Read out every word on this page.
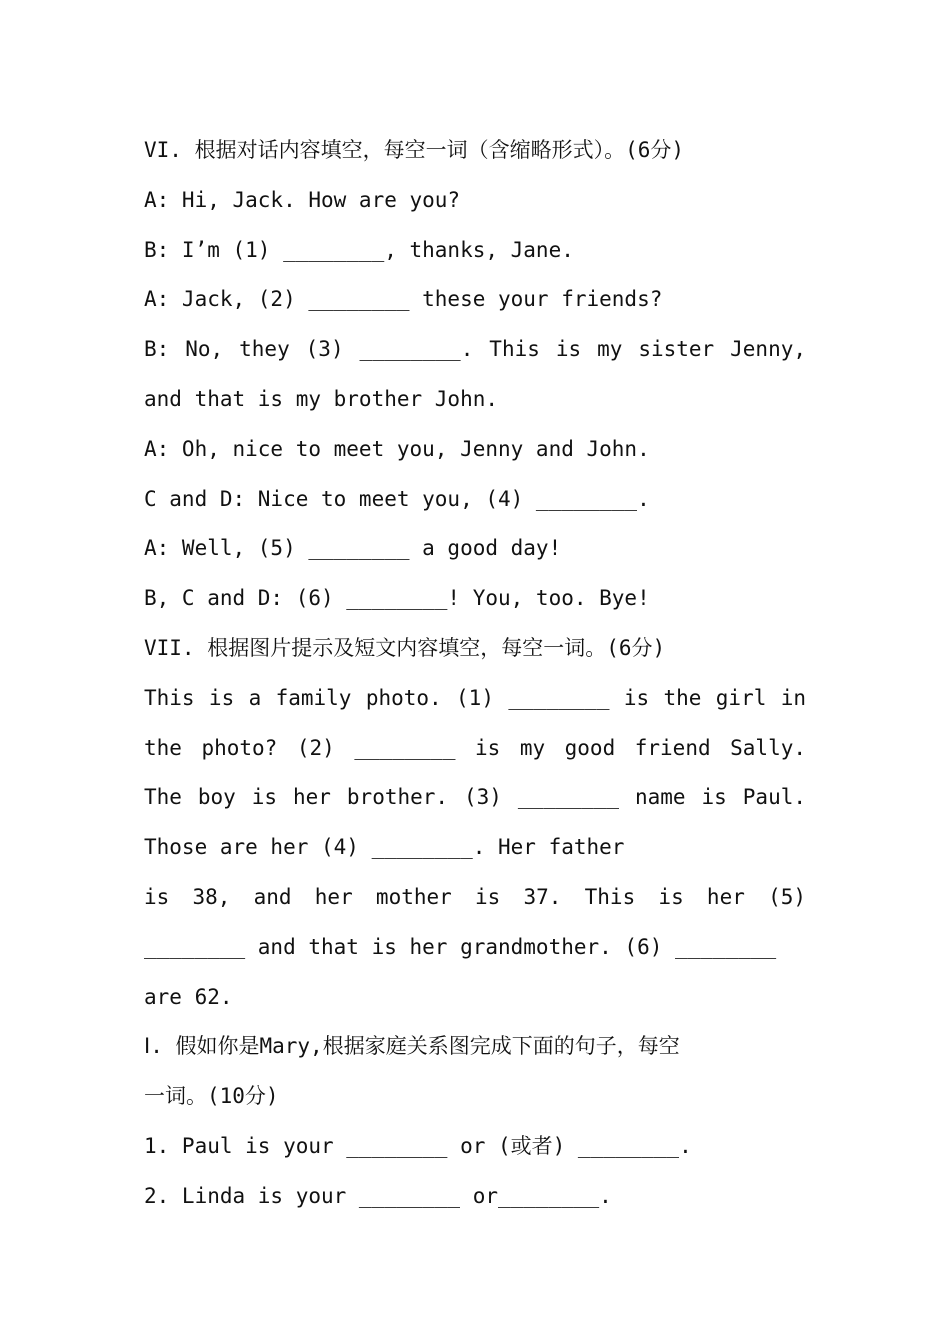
VI. 根据对话内容填空，每空一词（含缩略形式）。(6分)
A: Hi, Jack. How are you?
B: I’m (1) ________, thanks, Jane.
A: Jack, (2) ________ these your friends?
B: No, they (3) ________. This is my sister Jenny,
and that is my brother John.
A: Oh, nice to meet you, Jenny and John.
C and D: Nice to meet you, (4) ________.
A: Well, (5) ________ a good day!
B, C and D: (6) ________! You, too. Bye!
VII. 根据图片提示及短文内容填空，每空一词。(6分)
This is a family photo. (1) ________ is the girl in
the photo? (2) ________ is my good friend Sally.
The boy is her brother. (3) ________ name is Paul.
Those are her (4) ________. Her father
is 38, and her mother is 37. This is her (5)
________ and that is her grandmother. (6) ________
are 62.
Ⅰ. 假如你是Mary,根据家庭关系图完成下面的句子，每空
一词。(10分)
1. Paul is your ________ or (或者) ________.
2. Linda is your ________ or________.
